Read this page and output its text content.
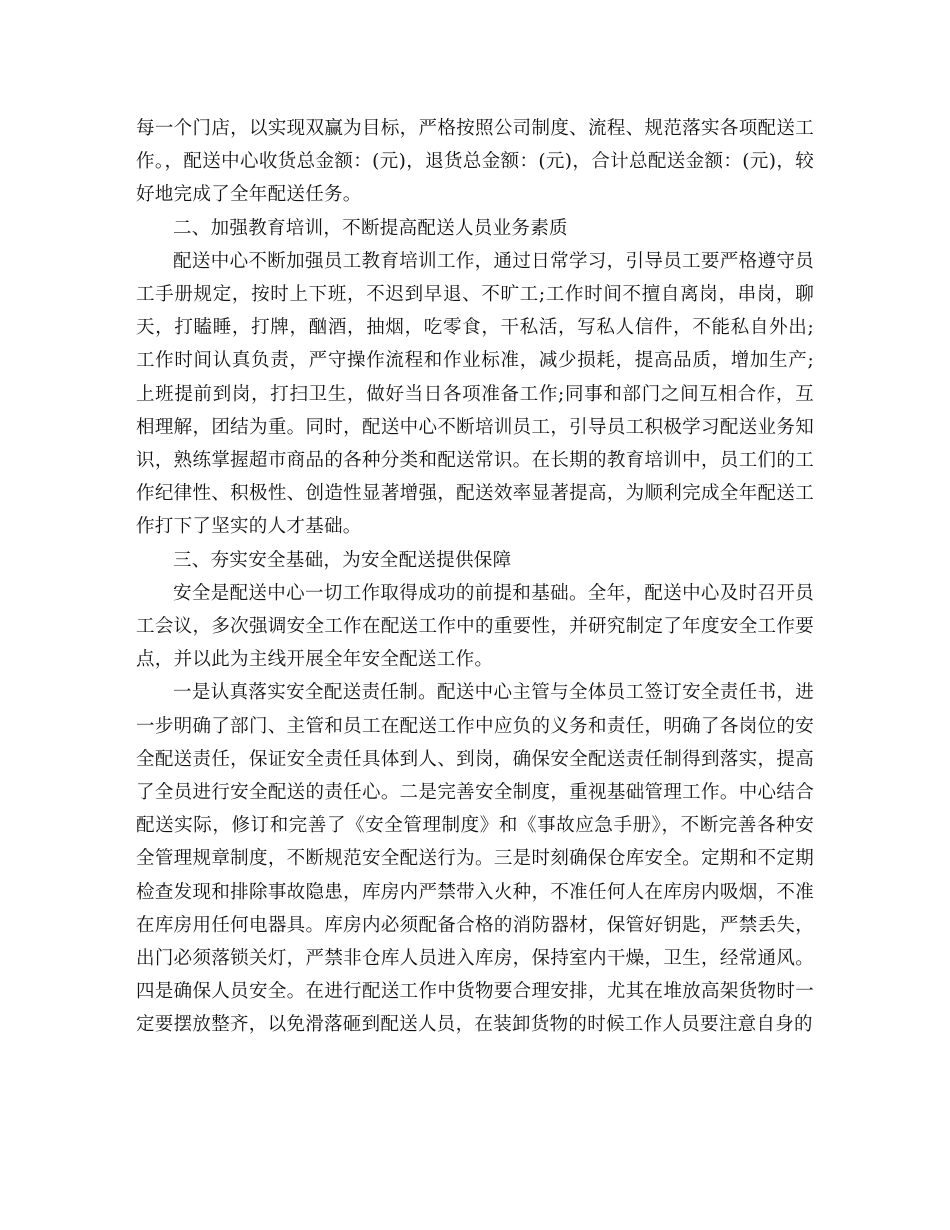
每一个门店，以实现双赢为目标，严格按照公司制度、流程、规范落实各项配送工作。，配送中心收货总金额：(元)，退货总金额：(元)，合计总配送金额：(元)，较好地完成了全年配送任务。

二、加强教育培训，不断提高配送人员业务素质

配送中心不断加强员工教育培训工作，通过日常学习，引导员工要严格遵守员工手册规定，按时上下班，不迟到早退、不旷工;工作时间不擅自离岗，串岗，聊天，打瞌睡，打牌，酗酒，抽烟，吃零食，干私活，写私人信件，不能私自外出;工作时间认真负责，严守操作流程和作业标准，减少损耗，提高品质，增加生产;上班提前到岗，打扫卫生，做好当日各项准备工作;同事和部门之间互相合作，互相理解，团结为重。同时，配送中心不断培训员工，引导员工积极学习配送业务知识，熟练掌握超市商品的各种分类和配送常识。在长期的教育培训中，员工们的工作纪律性、积极性、创造性显著增强，配送效率显著提高，为顺利完成全年配送工作打下了坚实的人才基础。

三、夯实安全基础，为安全配送提供保障

安全是配送中心一切工作取得成功的前提和基础。全年，配送中心及时召开员工会议，多次强调安全工作在配送工作中的重要性，并研究制定了年度安全工作要点，并以此为主线开展全年安全配送工作。

一是认真落实安全配送责任制。配送中心主管与全体员工签订安全责任书，进一步明确了部门、主管和员工在配送工作中应负的义务和责任，明确了各岗位的安全配送责任，保证安全责任具体到人、到岗，确保安全配送责任制得到落实，提高了全员进行安全配送的责任心。二是完善安全制度，重视基础管理工作。中心结合配送实际，修订和完善了《安全管理制度》和《事故应急手册》，不断完善各种安全管理规章制度，不断规范安全配送行为。三是时刻确保仓库安全。定期和不定期检查发现和排除事故隐患，库房内严禁带入火种，不准任何人在库房内吸烟，不准在库房用任何电器具。库房内必须配备合格的消防器材，保管好钥匙，严禁丢失，出门必须落锁关灯，严禁非仓库人员进入库房，保持室内干燥，卫生，经常通风。四是确保人员安全。在进行配送工作中货物要合理安排，尤其在堆放高架货物时一定要摆放整齐，以免滑落砸到配送人员，在装卸货物的时候工作人员要注意自身的
